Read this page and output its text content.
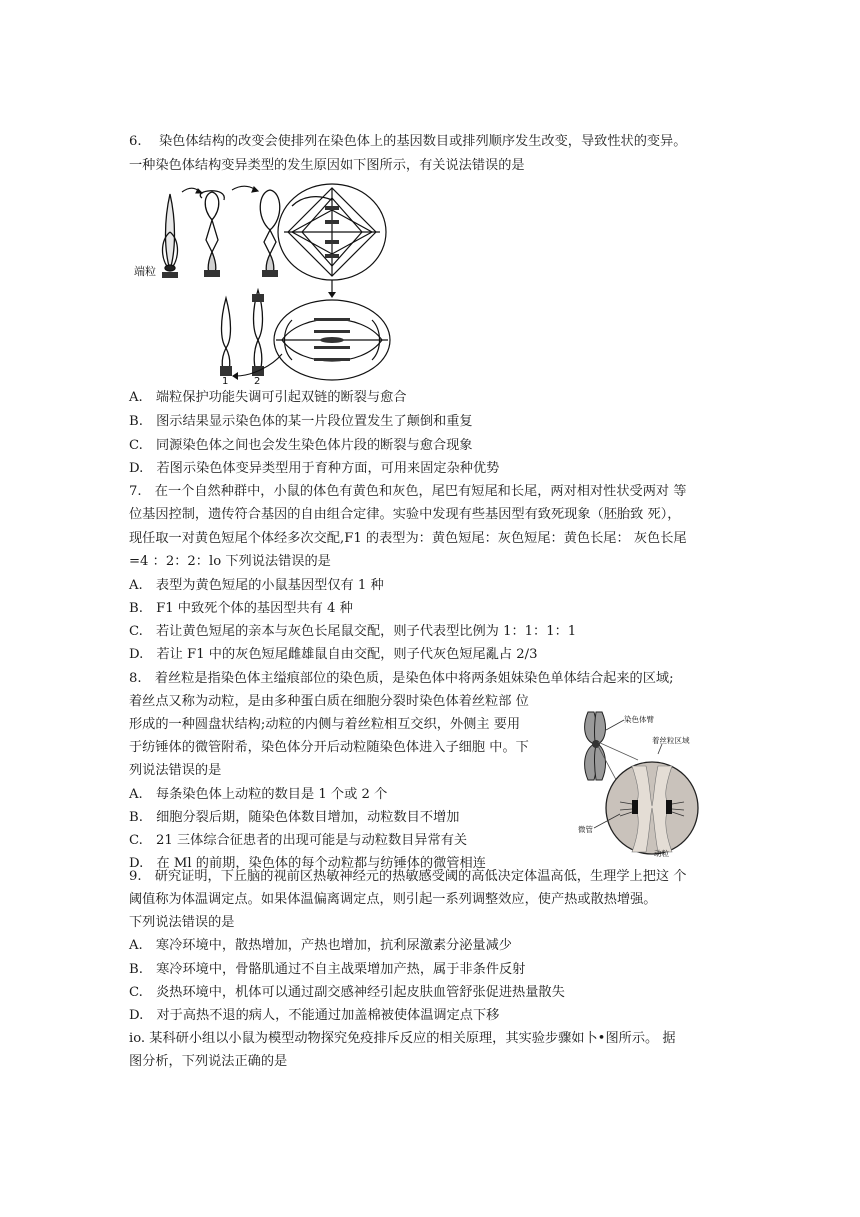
6.　 染色体结构的改变会使排列在染色体上的基因数目或排列顺序发生改变，导致性状的变异。
一种染色体结构变异类型的发生原因如下图所示，有关说法错误的是
端粒
1	2
A.　端粒保护功能失调可引起双链的断裂与愈合
B.　图示结果显示染色体的某一片段位置发生了颠倒和重复
C.　同源染色体之间也会发生染色体片段的断裂与愈合现象
D.　若图示染色体变异类型用于育种方面，可用来固定杂种优势
7.　在一个自然种群中，小鼠的体色有黄色和灰色，尾巴有短尾和长尾，两对相对性状受两对 等
位基因控制，遗传符合基因的自由组合定律。实验中发现有些基因型有致死现象（胚胎致 死），
现任取一对黄色短尾个体经多次交配,F1 的表型为：黄色短尾：灰色短尾：黄色长尾： 灰色长尾
=4 ：2：2：lo 下列说法错误的是
A.　表型为黄色短尾的小鼠基因型仅有 1 种
B.　F1 中致死个体的基因型共有 4 种
C.　若让黄色短尾的亲本与灰色长尾鼠交配，则子代表型比例为 1：1：1：1
D.　若让 F1 中的灰色短尾雌雄鼠自由交配，则子代灰色短尾亂占 2/3
8.　着丝粒是指染色体主缢痕部位的染色质，是染色体中将两条姐妹染色单体结合起来的区域;
着丝点又称为动粒，是由多种蛋白质在细胞分裂时染色体着丝粒部 位
形成的一种圆盘状结构;动粒的内侧与着丝粒相互交织，外侧主 要用
于纺锤体的微管附希，染色体分开后动粒随染色体进入子细胞 中。下
列说法错误的是
A.　每条染色体上动粒的数目是 1 个或 2 个
B.　细胞分裂后期，随染色体数目增加，动粒数目不增加
C.　21 三体综合征患者的出现可能是与动粒数目异常有关
D.　在 Ml 的前期，染色体的每个动粒都与纺锤体的微管相连
染色体臂
着丝粒区域
微管
动粒
9.　研究证明，下丘脑的视前区热敏神经元的热敏感受阈的高低决定体温高低，生理学上把这 个
阈值称为体温调定点。如果体温偏离调定点，则引起一系列调整效应，使产热或散热增强。
下列说法错误的是
A.　寒冷环境中，散热增加，产热也增加，抗利尿激素分泌量减少
B.　寒冷环境中，骨骼肌通过不自主战栗增加产热，属于非条件反射
C.　炎热环境中，机体可以通过副交感神经引起皮肤血管舒张促进热量散失
D.　对于高热不退的病人，不能通过加盖棉被使体温调定点下移
io. 某科研小组以小鼠为模型动物探究免疫排斥反应的相关原理，其实验步骤如卜•图所示。 据
图分析，下列说法正确的是
